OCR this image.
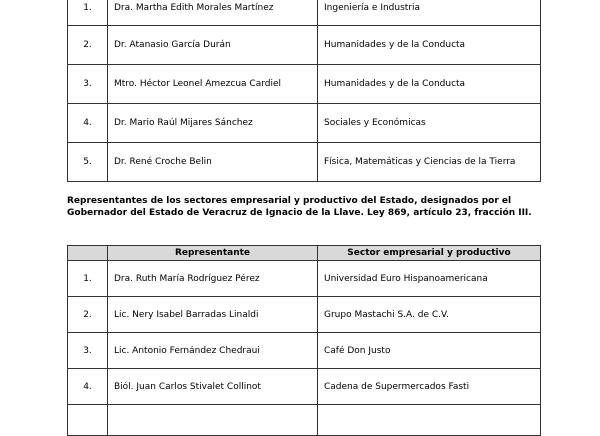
1.	Dra. Martha Edith Morales Martínez	Ingeniería e Industria
2.	Dr. Atanasio García Durán	Humanidades y de la Conducta
3.	Mtro. Héctor Leonel Amezcua Cardiel	Humanidades y de la Conducta
4.	Dr. Mario Raúl Mijares Sánchez	Sociales y Económicas
5.	Dr. René Croche Belin	Física, Matemáticas y Ciencias de la Tierra

Representantes de los sectores empresarial y productivo del Estado, designados por el Gobernador del Estado de Veracruz de Ignacio de la Llave. Ley 869, artículo 23, fracción III.

	Representante	Sector empresarial y productivo
1.	Dra. Ruth María Rodríguez Pérez	Universidad Euro Hispanoamericana
2.	Lic. Nery Isabel Barradas Linaldi	Grupo Mastachi S.A. de C.V.
3.	Lic. Antonio Fernández Chedraui	Café Don Justo
4.	Biól. Juan Carlos Stivalet Collinot	Cadena de Supermercados Fasti
